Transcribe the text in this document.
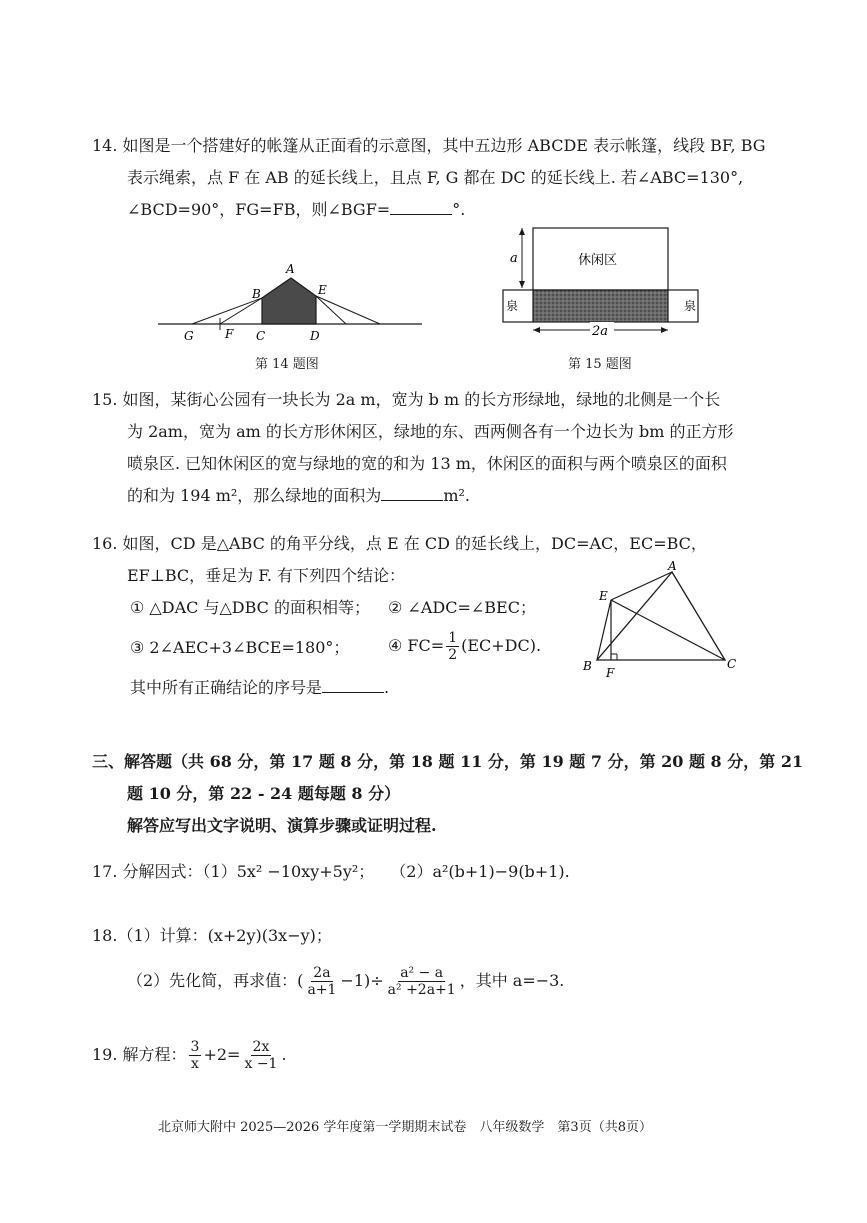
14. 如图是一个搭建好的帐篷从正面看的示意图，其中五边形 ABCDE 表示帐篷，线段 BF, BG
表示绳索，点 F 在 AB 的延长线上，且点 F, G 都在 DC 的延长线上. 若∠ABC=130°,
∠BCD=90°，FG=FB，则∠BGF=	°.
A
B	E
G	F C	D
第 14 题图
休闲区
a
泉	泉
2a
第 15 题图
15. 如图，某街心公园有一块长为 2a m，宽为 b m 的长方形绿地，绿地的北侧是一个长
为 2am，宽为 am 的长方形休闲区，绿地的东、西两侧各有一个边长为 bm 的正方形
喷泉区. 已知休闲区的宽与绿地的宽的和为 13 m，休闲区的面积与两个喷泉区的面积
的和为 194 m²，那么绿地的面积为	m².
16. 如图，CD 是△ABC 的角平分线，点 E 在 CD 的延长线上，DC=AC，EC=BC，
EF⊥BC，垂足为 F. 有下列四个结论：
① △DAC 与△DBC 的面积相等； ② ∠ADC=∠BEC；
③ 2∠AEC+3∠BCE=180°； ④ $FC= \frac{1}{2} (EC+DC)$.
其中所有正确结论的序号是	.
A
E
B F
C
三、解答题（共 68 分，第 17 题 8 分，第 18 题 11 分，第 19 题 7 分，第 20 题 8 分，第 21
题 10 分，第 22 - 24 题每题 8 分）
解答应写出文字说明、演算步骤或证明过程.
17. 分解因式：（1）5x² −10xy+5y²；　　（2）a²(b+1)−9(b+1).
18.（1）计算：(x+2y)(3x−y)；
（2）先化简，再求值：( $\frac{2a}{a+1} -1)\div \frac{\text{a² − a}}{\text{a² +2a+1}}$ ，其中 a=−3.
19. 解方程： $\frac{3}{x} +2= \frac{2x}{x -1}$ .
北京师大附中 2025—2026 学年度第一学期期末试卷　八年级数学　第3页（共8页）
